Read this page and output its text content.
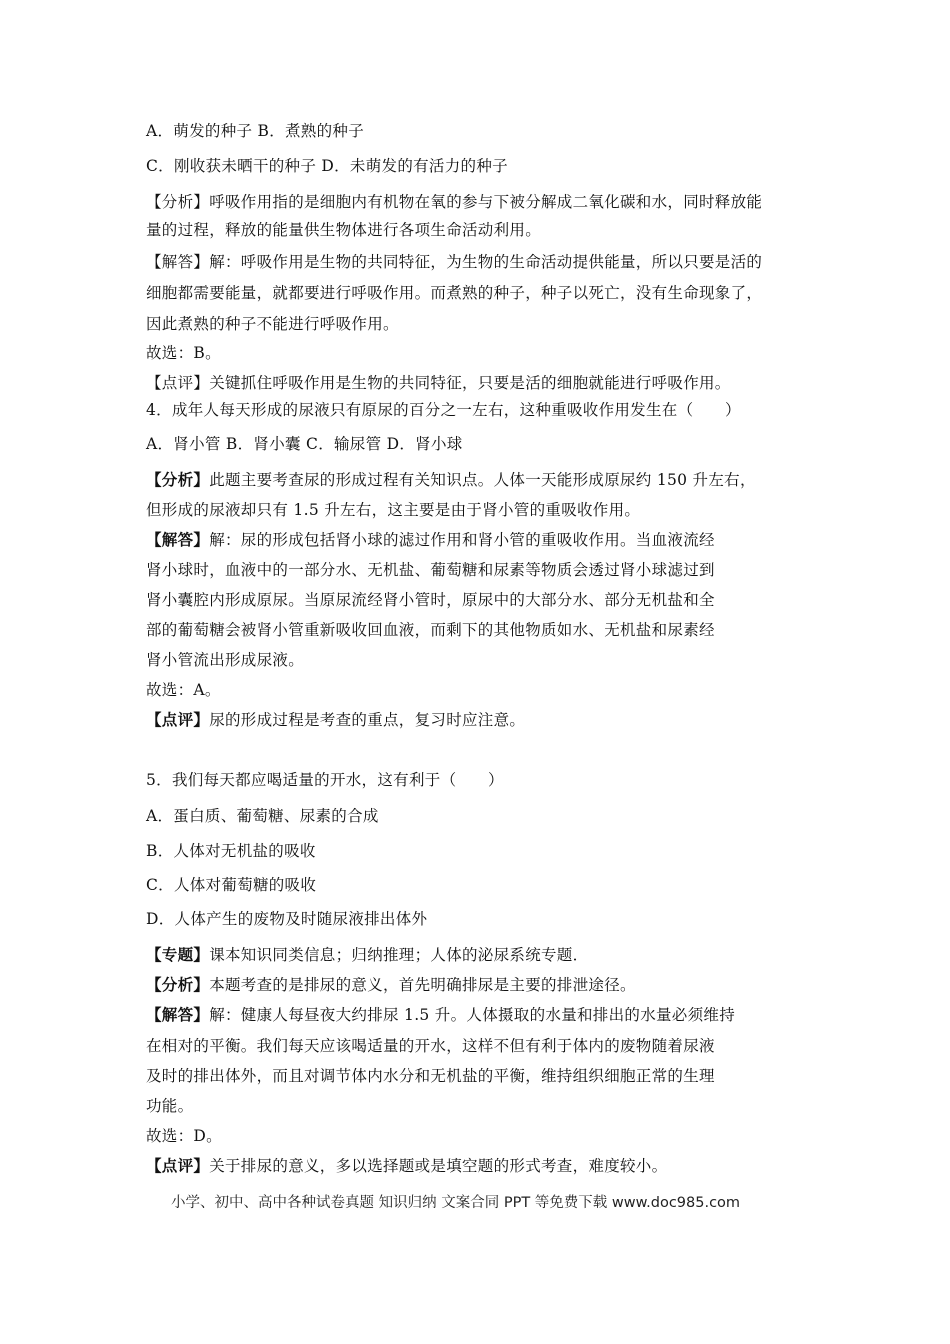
A．萌发的种子 B．煮熟的种子
C．刚收获未晒干的种子 D．未萌发的有活力的种子
【分析】呼吸作用指的是细胞内有机物在氧的参与下被分解成二氧化碳和水，同时释放能
量的过程，释放的能量供生物体进行各项生命活动利用。
【解答】解：呼吸作用是生物的共同特征，为生物的生命活动提供能量，所以只要是活的
细胞都需要能量，就都要进行呼吸作用。而煮熟的种子，种子以死亡，没有生命现象了，
因此煮熟的种子不能进行呼吸作用。
故选：B。
【点评】关键抓住呼吸作用是生物的共同特征，只要是活的细胞就能进行呼吸作用。
4．成年人每天形成的尿液只有原尿的百分之一左右，这种重吸收作用发生在（　　）
A．肾小管 B．肾小囊 C．输尿管 D．肾小球
【分析】此题主要考查尿的形成过程有关知识点。人体一天能形成原尿约 150 升左右，
但形成的尿液却只有 1.5 升左右，这主要是由于肾小管的重吸收作用。
【解答】解：尿的形成包括肾小球的滤过作用和肾小管的重吸收作用。当血液流经
肾小球时，血液中的一部分水、无机盐、葡萄糖和尿素等物质会透过肾小球滤过到
肾小囊腔内形成原尿。当原尿流经肾小管时，原尿中的大部分水、部分无机盐和全
部的葡萄糖会被肾小管重新吸收回血液，而剩下的其他物质如水、无机盐和尿素经
肾小管流出形成尿液。
故选：A。
【点评】尿的形成过程是考查的重点，复习时应注意。
5．我们每天都应喝适量的开水，这有利于（　　）
A．蛋白质、葡萄糖、尿素的合成
B．人体对无机盐的吸收
C．人体对葡萄糖的吸收
D．人体产生的废物及时随尿液排出体外
【专题】课本知识同类信息；归纳推理；人体的泌尿系统专题．
【分析】本题考查的是排尿的意义，首先明确排尿是主要的排泄途径。
【解答】解：健康人每昼夜大约排尿 1.5 升。人体摄取的水量和排出的水量必须维持
在相对的平衡。我们每天应该喝适量的开水，这样不但有利于体内的废物随着尿液
及时的排出体外，而且对调节体内水分和无机盐的平衡，维持组织细胞正常的生理
功能。
故选：D。
【点评】关于排尿的意义，多以选择题或是填空题的形式考查，难度较小。
小学、初中、高中各种试卷真题 知识归纳 文案合同 PPT 等免费下载 www.doc985.com
